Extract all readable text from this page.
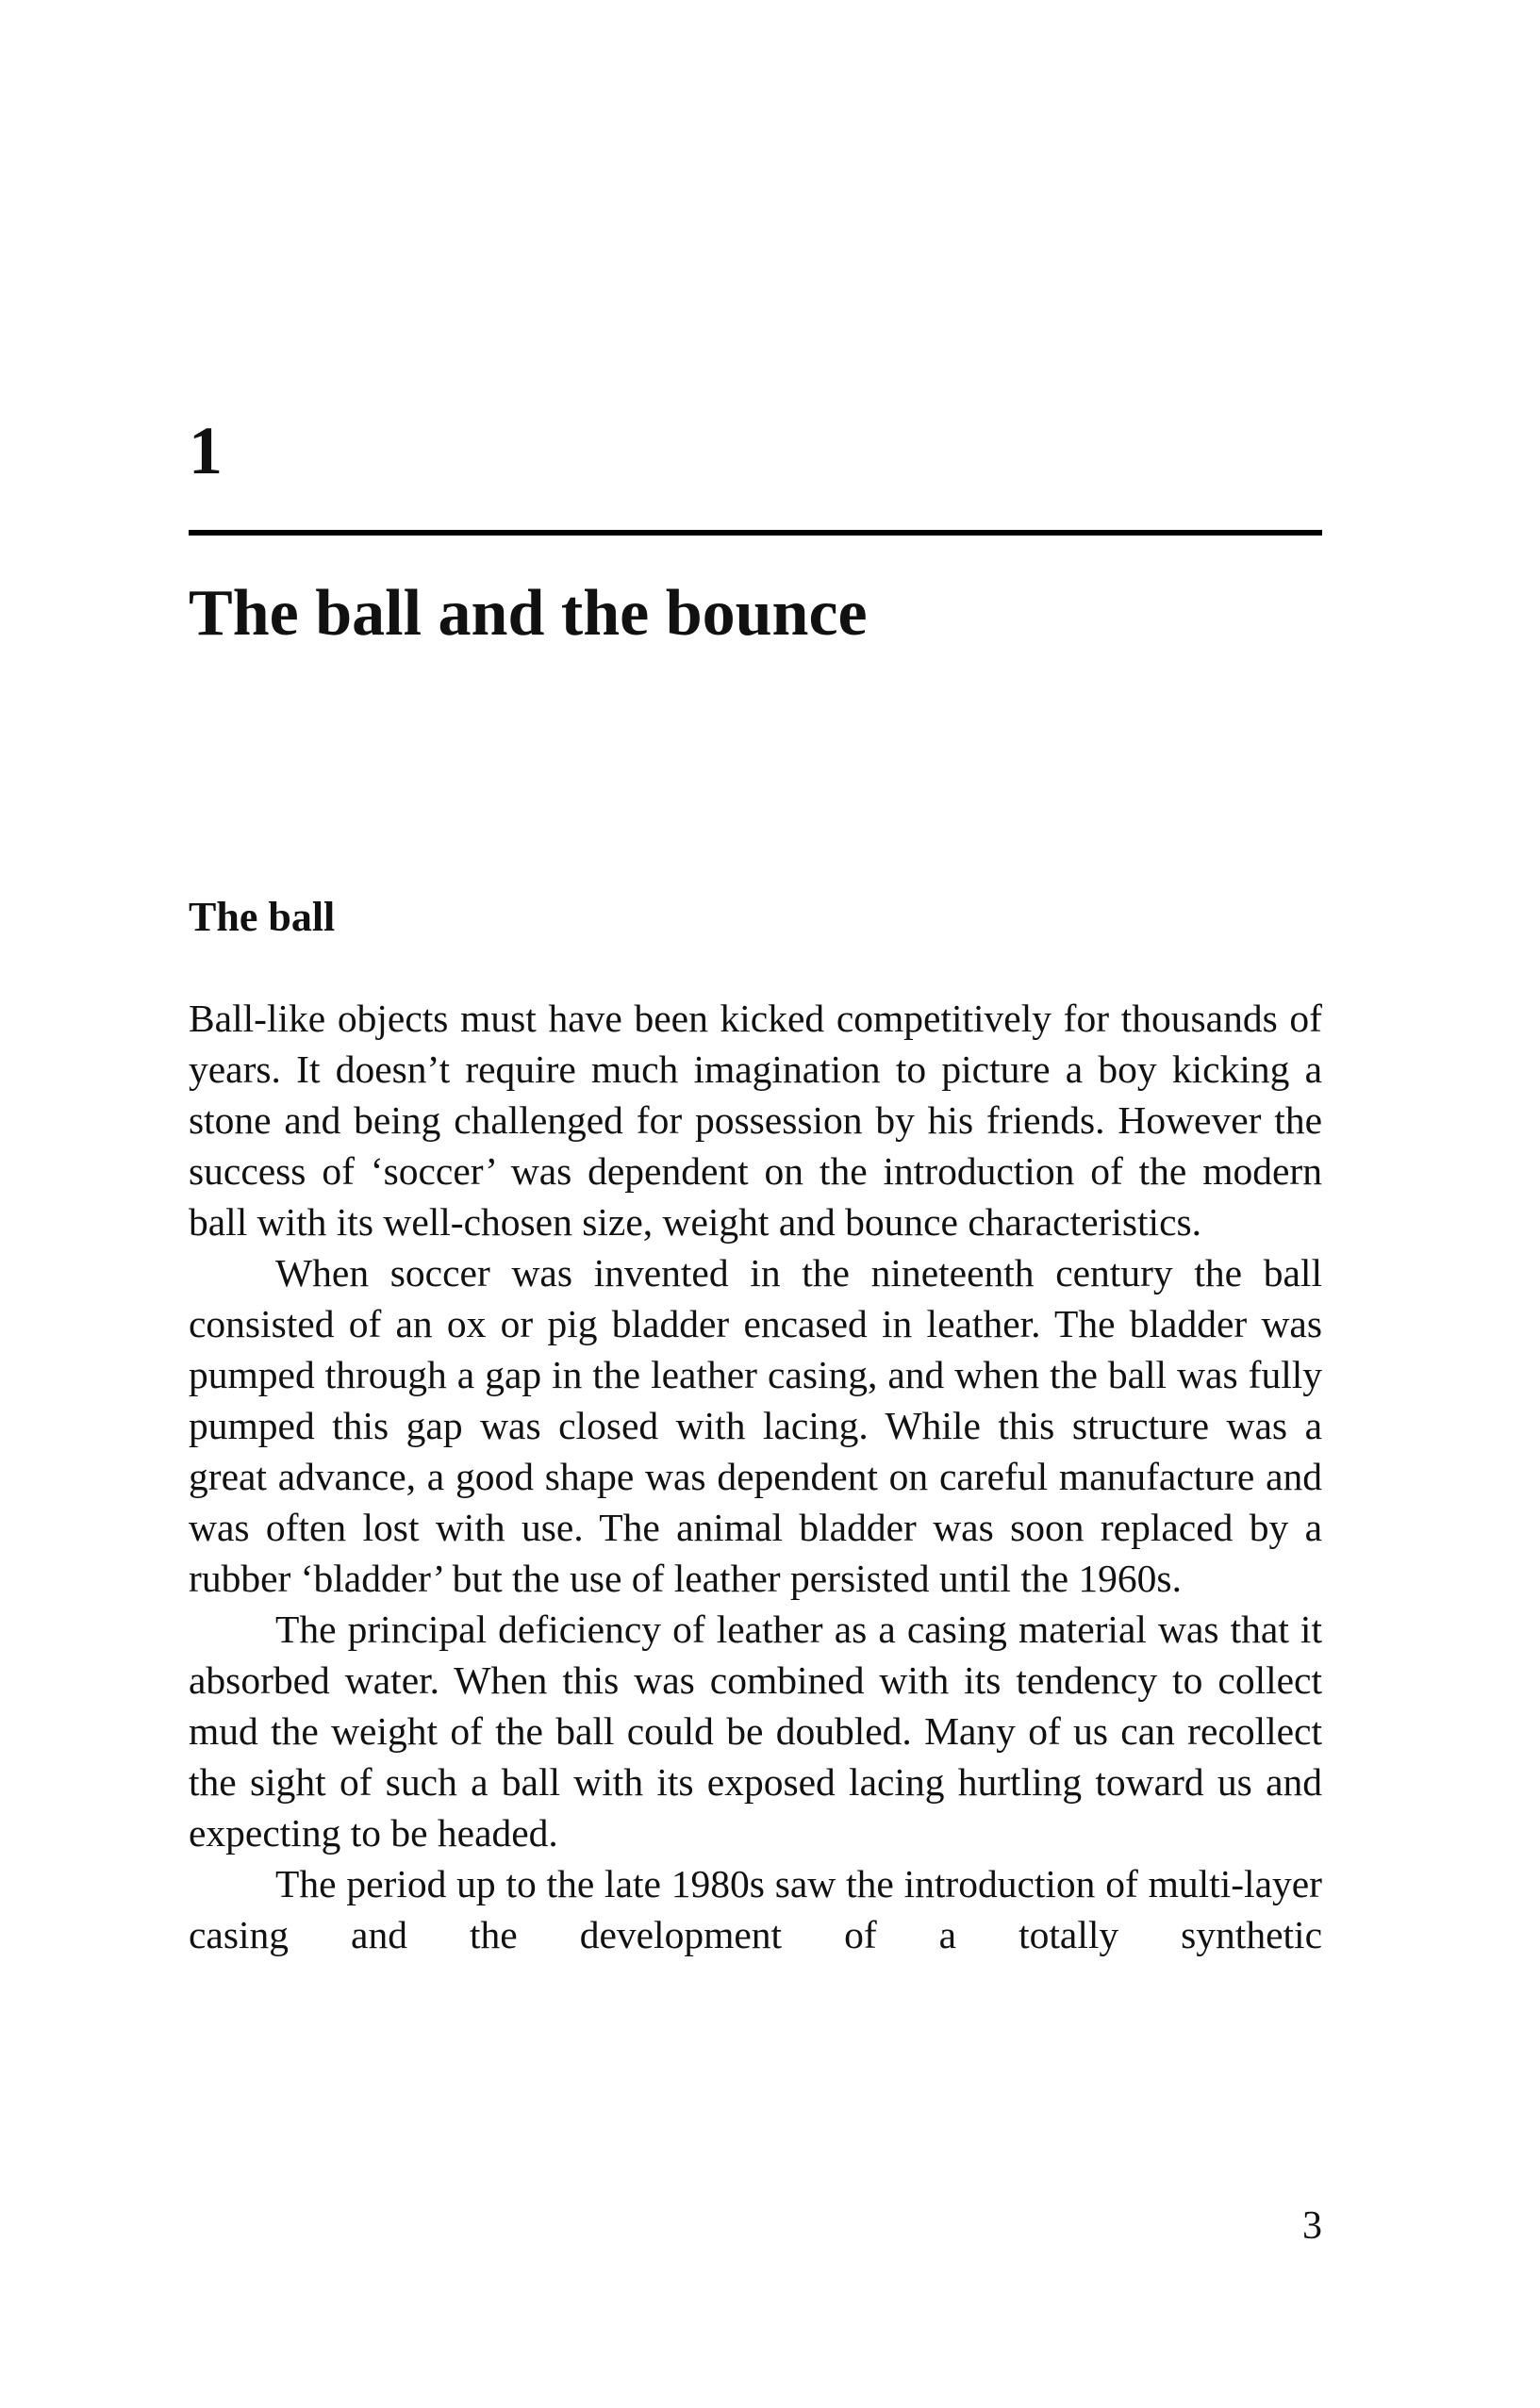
1
The ball and the bounce
The ball

Ball-like objects must have been kicked competitively for thousands of years. It doesn’t require much imagination to picture a boy kicking a stone and being challenged for possession by his friends. However the success of ‘soccer’ was dependent on the introduction of the modern ball with its well-chosen size, weight and bounce characteristics.

When soccer was invented in the nineteenth century the ball consisted of an ox or pig bladder encased in leather. The bladder was pumped through a gap in the leather casing, and when the ball was fully pumped this gap was closed with lacing. While this structure was a great advance, a good shape was dependent on careful manufacture and was often lost with use. The animal bladder was soon replaced by a rubber ‘bladder’ but the use of leather persisted until the 1960s.

The principal deficiency of leather as a casing material was that it absorbed water. When this was combined with its tendency to collect mud the weight of the ball could be doubled. Many of us can recollect the sight of such a ball with its exposed lacing hurtling toward us and expecting to be headed.

The period up to the late 1980s saw the introduction of multi-layer casing and the development of a totally synthetic

3
